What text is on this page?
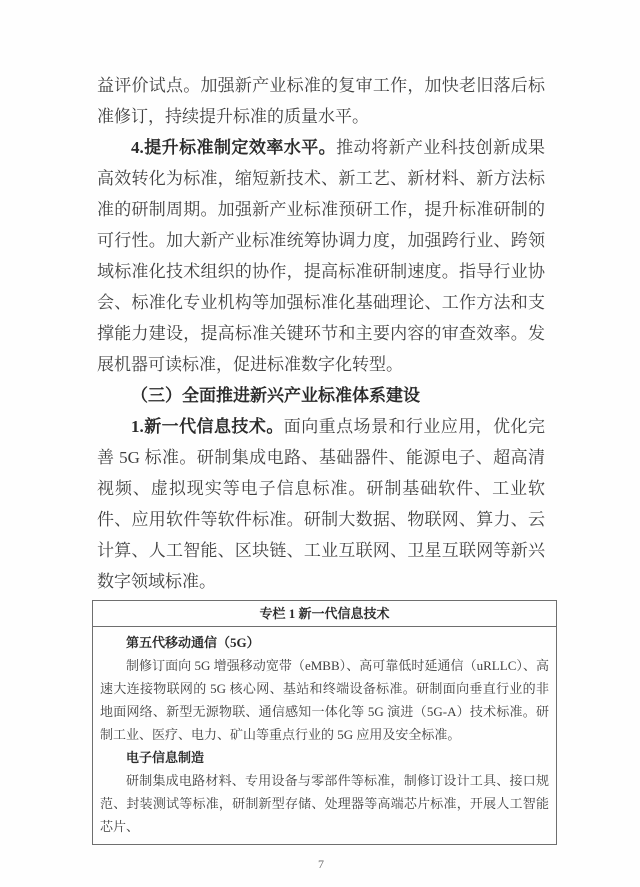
益评价试点。加强新产业标准的复审工作，加快老旧落后标准修订，持续提升标准的质量水平。

4.提升标准制定效率水平。推动将新产业科技创新成果高效转化为标准，缩短新技术、新工艺、新材料、新方法标准的研制周期。加强新产业标准预研工作，提升标准研制的可行性。加大新产业标准统筹协调力度，加强跨行业、跨领域标准化技术组织的协作，提高标准研制速度。指导行业协会、标准化专业机构等加强标准化基础理论、工作方法和支撑能力建设，提高标准关键环节和主要内容的审查效率。发展机器可读标准，促进标准数字化转型。

（三）全面推进新兴产业标准体系建设

1.新一代信息技术。面向重点场景和行业应用，优化完善 5G 标准。研制集成电路、基础器件、能源电子、超高清视频、虚拟现实等电子信息标准。研制基础软件、工业软件、应用软件等软件标准。研制大数据、物联网、算力、云计算、人工智能、区块链、工业互联网、卫星互联网等新兴数字领域标准。

专栏 1 新一代信息技术

第五代移动通信（5G）

制修订面向 5G 增强移动宽带（eMBB）、高可靠低时延通信（uRLLC）、高速大连接物联网的 5G 核心网、基站和终端设备标准。研制面向垂直行业的非地面网络、新型无源物联、通信感知一体化等 5G 演进（5G-A）技术标准。研制工业、医疗、电力、矿山等重点行业的 5G 应用及安全标准。

电子信息制造

研制集成电路材料、专用设备与零部件等标准，制修订设计工具、接口规范、封装测试等标准，研制新型存储、处理器等高端芯片标准，开展人工智能芯片、

7
